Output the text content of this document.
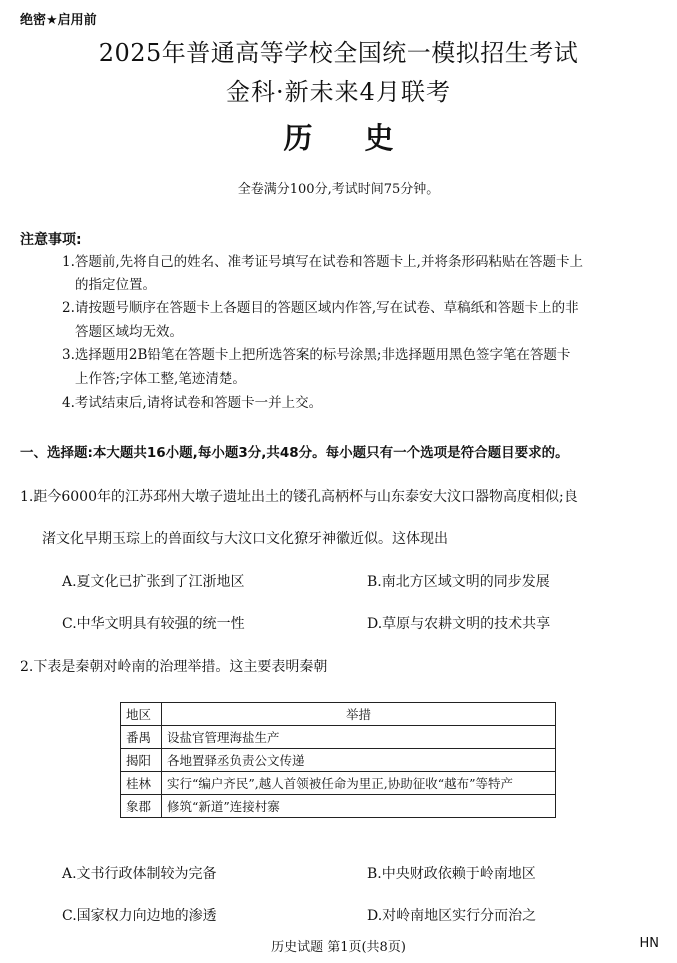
绝密★启用前
2025年普通高等学校全国统一模拟招生考试
金科·新未来4月联考
历史
全卷满分100分,考试时间75分钟。
注意事项:
1.答题前,先将自己的姓名、准考证号填写在试卷和答题卡上,并将条形码粘贴在答题卡上
的指定位置。
2.请按题号顺序在答题卡上各题目的答题区域内作答,写在试卷、草稿纸和答题卡上的非
答题区域均无效。
3.选择题用2B铅笔在答题卡上把所选答案的标号涂黑;非选择题用黑色签字笔在答题卡
上作答;字体工整,笔迹清楚。
4.考试结束后,请将试卷和答题卡一并上交。
一、选择题:本大题共16小题,每小题3分,共48分。每小题只有一个选项是符合题目要求的。
1.距今6000年的江苏邳州大墩子遗址出土的镂孔高柄杯与山东泰安大汶口器物高度相似;良
渚文化早期玉琮上的兽面纹与大汶口文化獠牙神徽近似。这体现出
A.夏文化已扩张到了江浙地区	B.南北方区域文明的同步发展
C.中华文明具有较强的统一性	D.草原与农耕文明的技术共享
2.下表是秦朝对岭南的治理举措。这主要表明秦朝
地区	举措
番禺	设盐官管理海盐生产
揭阳	各地置驿丞负责公文传递
桂林	实行“编户齐民”,越人首领被任命为里正,协助征收“越布”等特产
象郡	修筑“新道”连接村寨
A.文书行政体制较为完备	B.中央财政依赖于岭南地区
C.国家权力向边地的渗透	D.对岭南地区实行分而治之
历史试题 第1页(共8页)	HN
